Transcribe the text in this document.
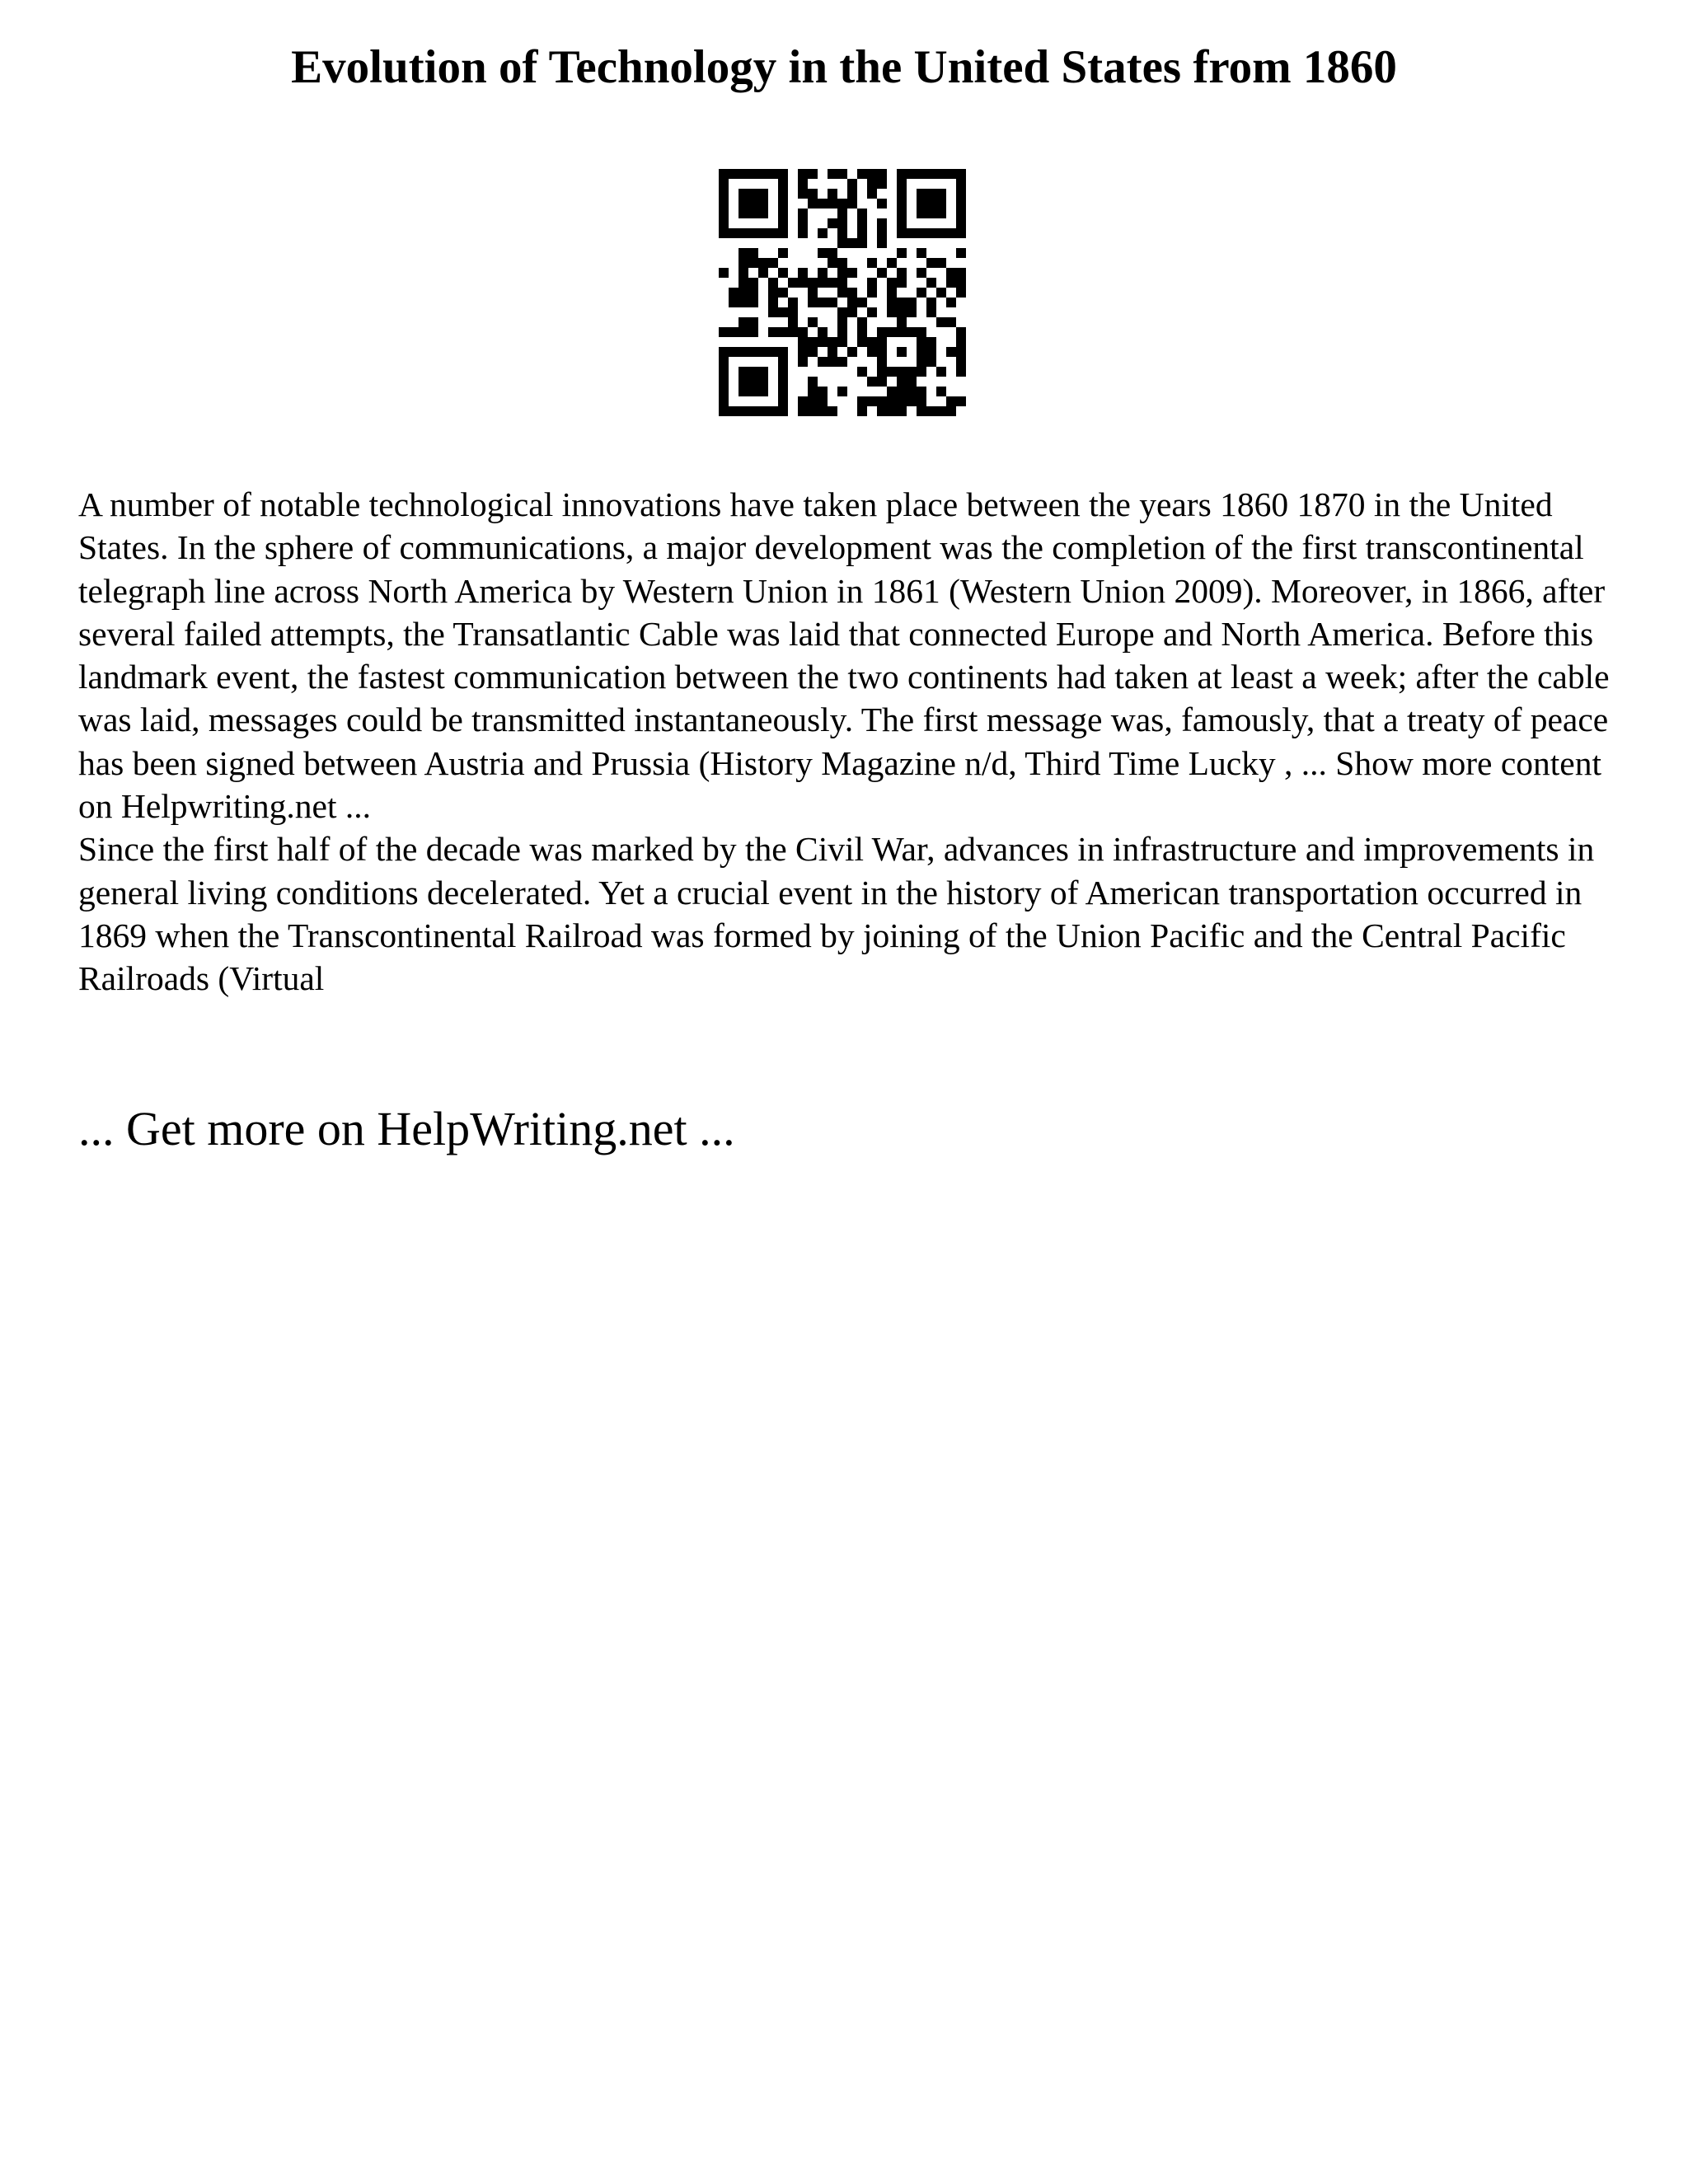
Evolution of Technology in the United States from 1860

A number of notable technological innovations have taken place between the years 1860 1870 in the United States. In the sphere of communications, a major development was the completion of the first transcontinental telegraph line across North America by Western Union in 1861 (Western Union 2009). Moreover, in 1866, after several failed attempts, the Transatlantic Cable was laid that connected Europe and North America. Before this landmark event, the fastest communication between the two continents had taken at least a week; after the cable was laid, messages could be transmitted instantaneously. The first message was, famously, that a treaty of peace has been signed between Austria and Prussia (History Magazine n/d, Third Time Lucky , ... Show more content on Helpwriting.net ...

Since the first half of the decade was marked by the Civil War, advances in infrastructure and improvements in general living conditions decelerated. Yet a crucial event in the history of American transportation occurred in 1869 when the Transcontinental Railroad was formed by joining of the Union Pacific and the Central Pacific Railroads (Virtual

... Get more on HelpWriting.net ...
